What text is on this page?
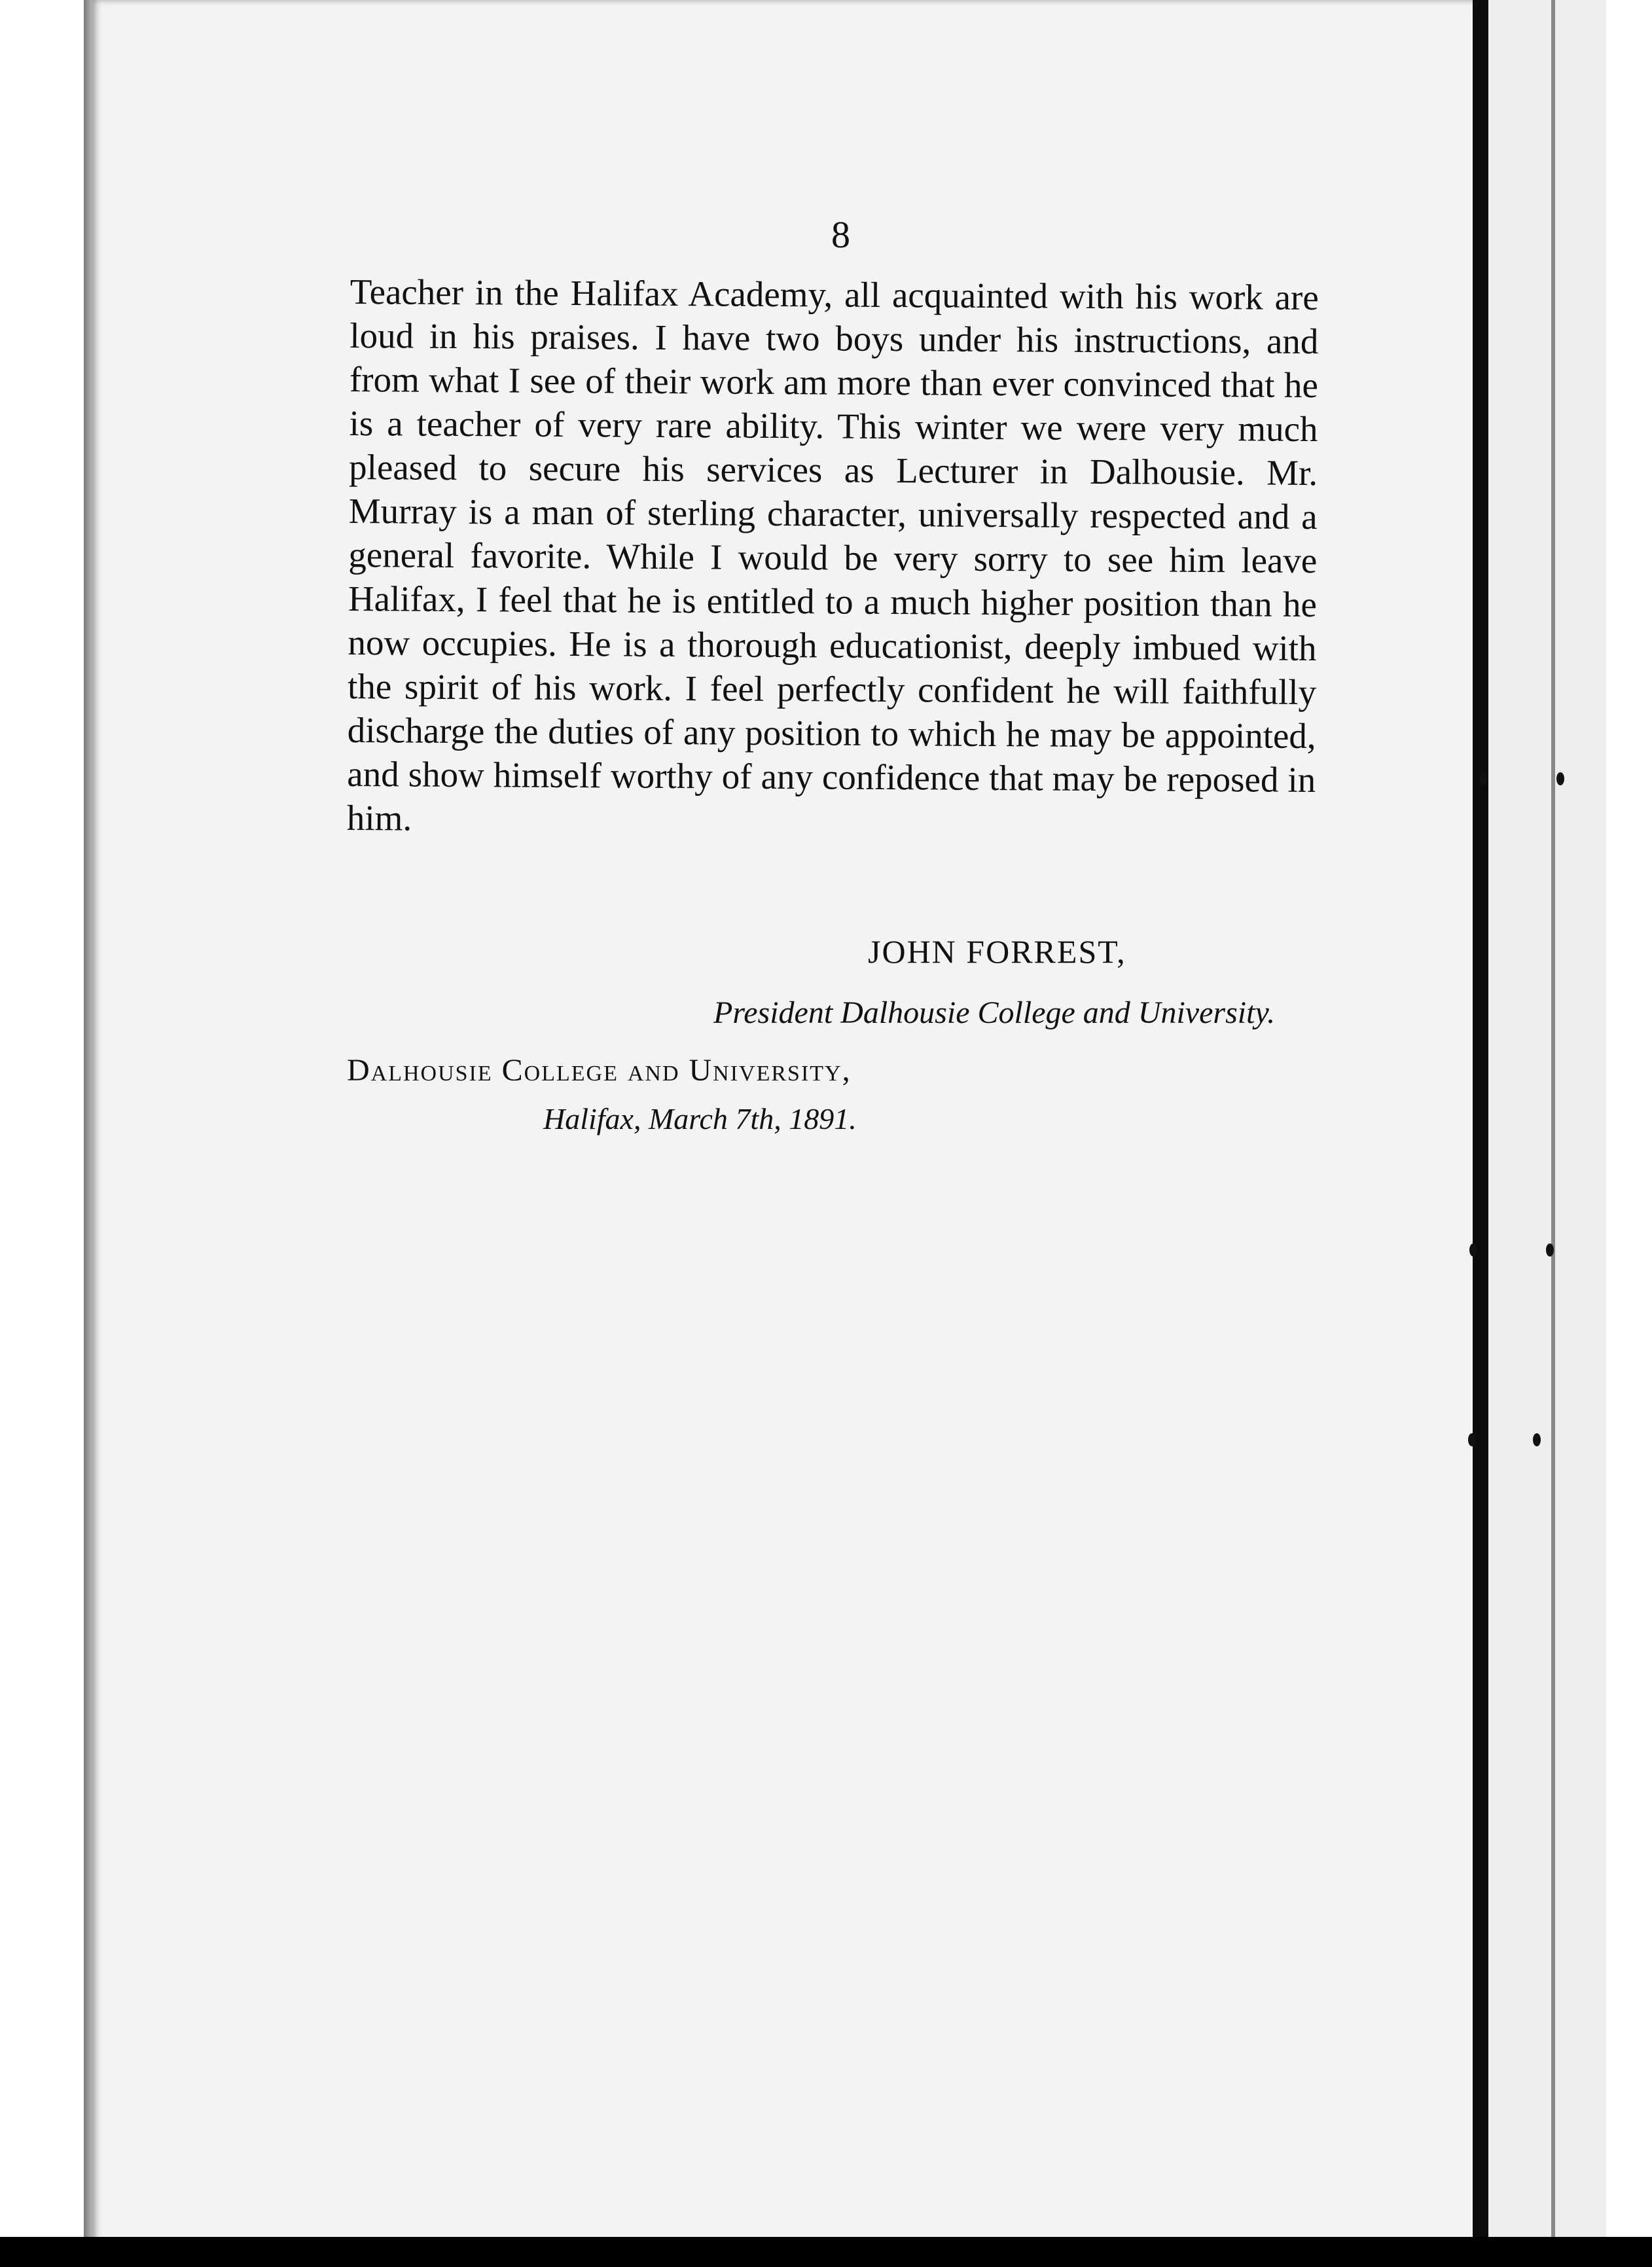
8

Teacher in the Halifax Academy, all acquainted with his work are loud in his praises. I have two boys under his instructions, and from what I see of their work am more than ever convinced that he is a teacher of very rare ability. This winter we were very much pleased to secure his services as Lecturer in Dalhousie. Mr. Murray is a man of sterling character, universally respected and a general favorite. While I would be very sorry to see him leave Halifax, I feel that he is entitled to a much higher position than he now occupies. He is a thorough educationist, deeply imbued with the spirit of his work. I feel perfectly confident he will faithfully discharge the duties of any position to which he may be appointed, and show himself worthy of any confidence that may be reposed in him.

JOHN FORREST,

President Dalhousie College and University.

Dalhousie College and University,

Halifax, March 7th, 1891.
